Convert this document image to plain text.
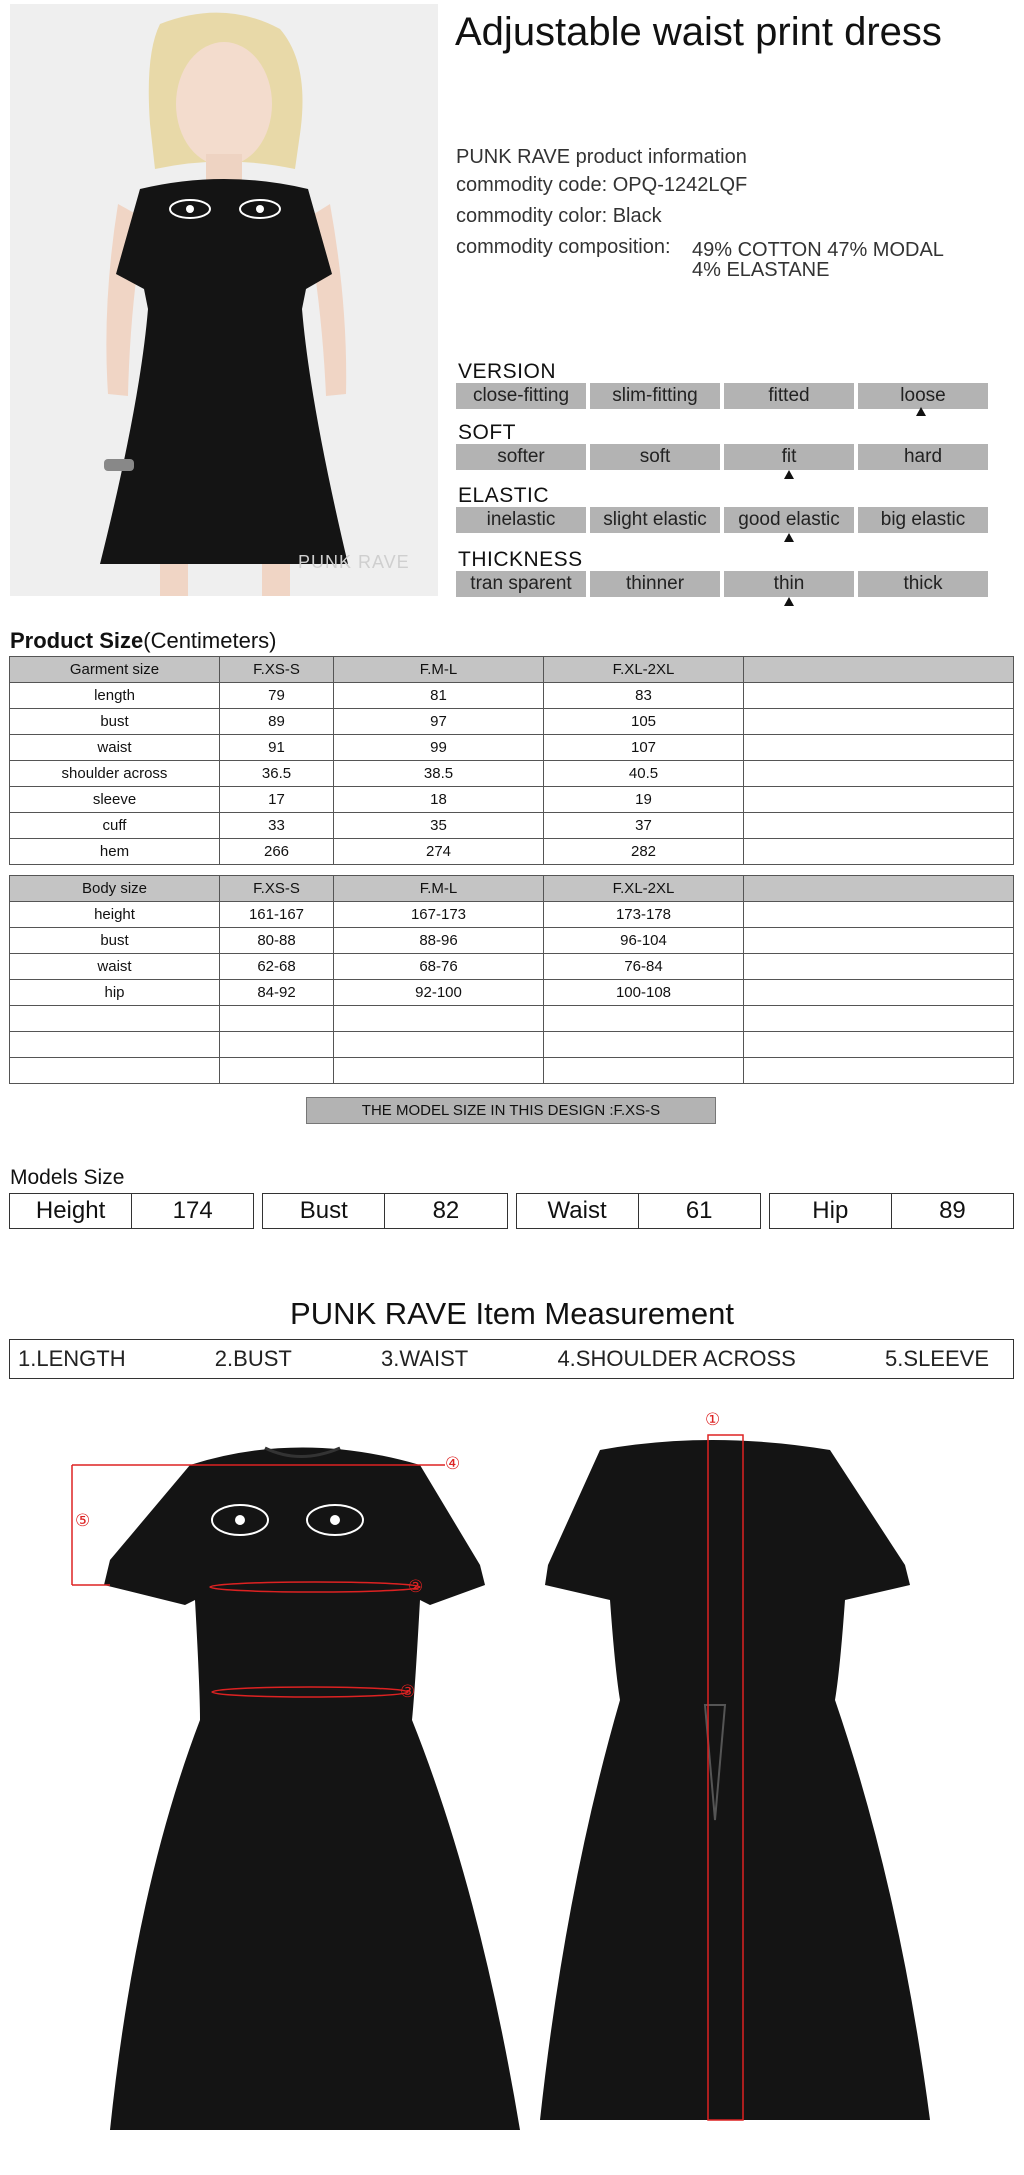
PUNK RAVE
Adjustable waist print dress
PUNK RAVE product information
commodity code: OPQ-1242LQF
commodity color: Black
commodity composition: 49% COTTON 47% MODAL
4% ELASTANE
VERSION
close-fitting	slim-fitting	fitted	loose
SOFT
softer	soft	fit	hard
ELASTIC
inelastic	slight elastic	good elastic	big elastic
THICKNESS
tran sparent	thinner	thin	thick
Product Size(Centimeters)
Garment size	F.XS-S	F.M-L	F.XL-2XL	
length	79	81	83	
bust	89	97	105	
waist	91	99	107	
shoulder across	36.5	38.5	40.5	
sleeve	17	18	19	
cuff	33	35	37	
hem	266	274	282	
Body size	F.XS-S	F.M-L	F.XL-2XL	
height	161-167	167-173	173-178	
bust	80-88	88-96	96-104	
waist	62-68	68-76	76-84	
hip	84-92	92-100	100-108	

THE MODEL SIZE IN THIS DESIGN :F.XS-S
Models Size
Height	174	Bust	82	Waist	61	Hip	89
PUNK RAVE Item Measurement
1.LENGTH	2.BUST	3.WAIST	4.SHOULDER ACROSS	5.SLEEVE
⑤
④
②
③
①
